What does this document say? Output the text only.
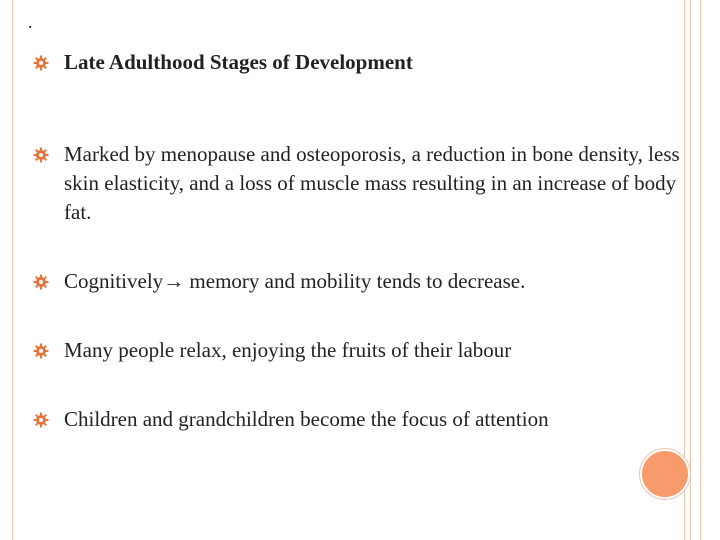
.

Late Adulthood Stages of Development

Marked by menopause and osteoporosis, a reduction in bone density, less skin elasticity, and a loss of muscle mass resulting in an increase of body fat.

Cognitively→ memory and mobility tends to decrease.

Many people relax, enjoying the fruits of their labour

Children and grandchildren become the focus of attention
